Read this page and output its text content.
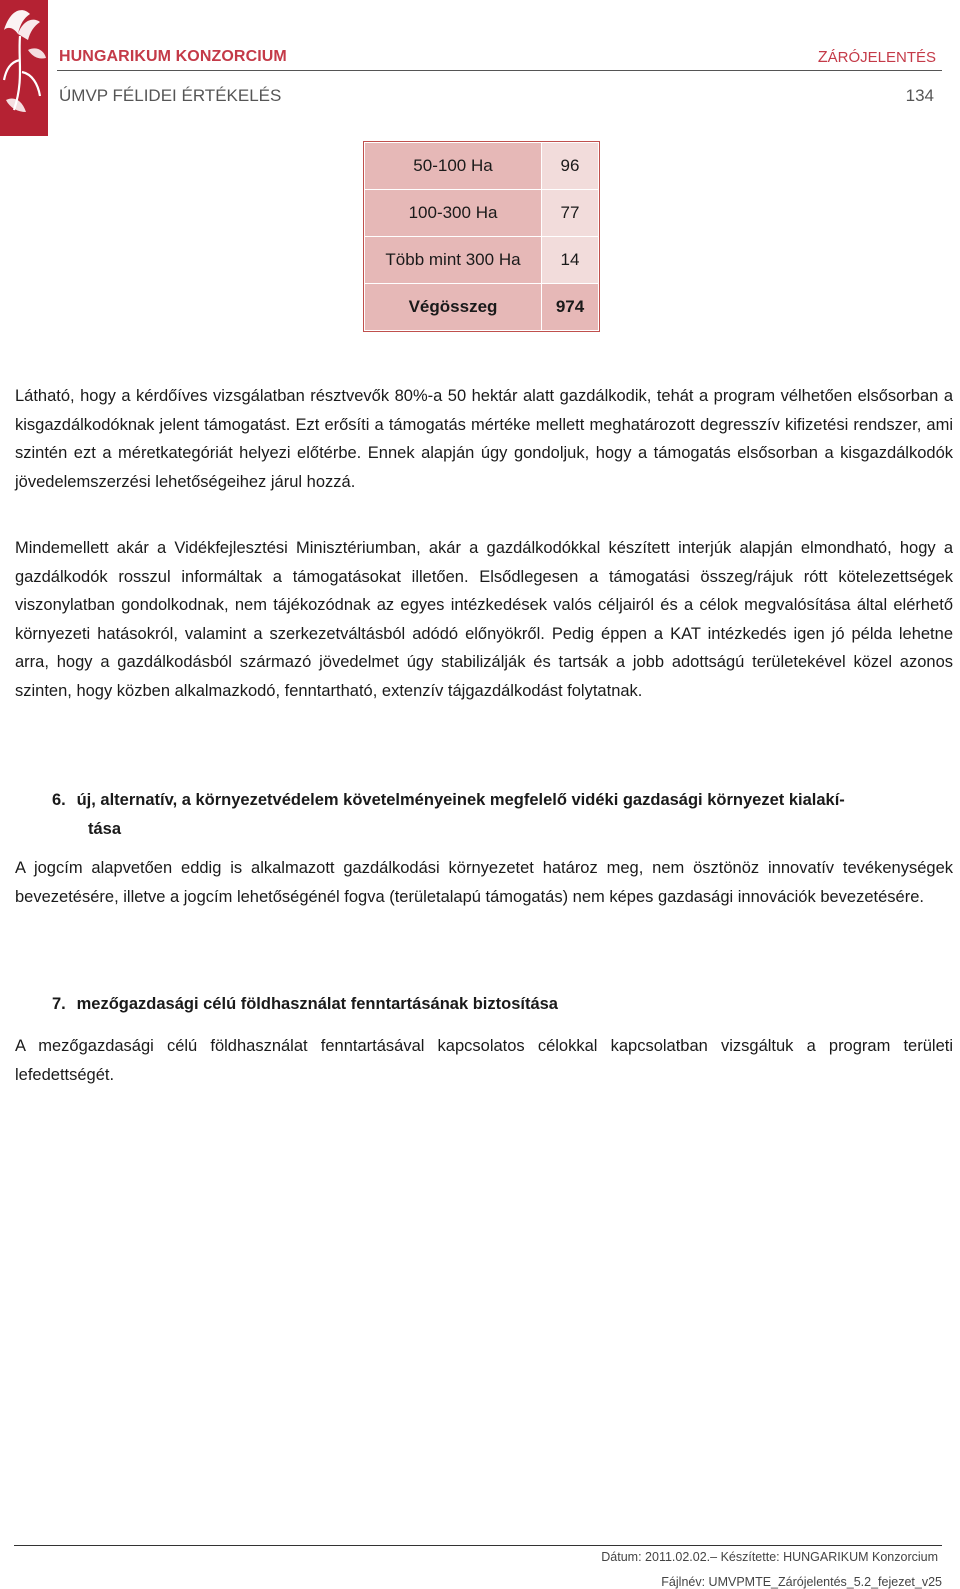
HUNGARIKUM KONZORCIUM	ZÁRÓJELENTÉS
ÚMVP FÉLIDEI ÉRTÉKELÉS	134
50-100 Ha	96
100-300 Ha	77
Több mint 300 Ha	14
Végösszeg	974

Látható, hogy a kérdőíves vizsgálatban résztvevők 80%-a 50 hektár alatt gazdálkodik, tehát a program vélhetően elsősorban a kisgazdálkodóknak jelent támogatást. Ezt erősíti a támogatás mértéke mellett meghatározott degresszív kifizetési rendszer, ami szintén ezt a méretkategóriát helyezi előtérbe. Ennek alapján úgy gondoljuk, hogy a támogatás elsősorban a kisgazdálkodók jövedelemszerzési lehetőségeihez járul hozzá.

Mindemellett akár a Vidékfejlesztési Minisztériumban, akár a gazdálkodókkal készített interjúk alapján elmondható, hogy a gazdálkodók rosszul informáltak a támogatásokat illetően. Elsődlegesen a támogatási összeg/rájuk rótt kötelezettségek viszonylatban gondolkodnak, nem tájékozódnak az egyes intézkedések valós céljairól és a célok megvalósítása által elérhető környezeti hatásokról, valamint a szerkezetváltásból adódó előnyökről. Pedig éppen a KAT intézkedés igen jó példa lehetne arra, hogy a gazdálkodásból származó jövedelmet úgy stabilizálják és tartsák a jobb adottságú területekével közel azonos szinten, hogy közben alkalmazkodó, fenntartható, extenzív tájgazdálkodást folytatnak.

6. új, alternatív, a környezetvédelem követelményeinek megfelelő vidéki gazdasági környezet kialakí-
tása

A jogcím alapvetően eddig is alkalmazott gazdálkodási környezetet határoz meg, nem ösztönöz innovatív tevékenységek bevezetésére, illetve a jogcím lehetőségénél fogva (területalapú támogatás) nem képes gazdasági innovációk bevezetésére.

7. mezőgazdasági célú földhasználat fenntartásának biztosítása

A mezőgazdasági célú földhasználat fenntartásával kapcsolatos célokkal kapcsolatban vizsgáltuk a program területi lefedettségét.

Dátum: 2011.02.02.– Készítette: HUNGARIKUM Konzorcium
Fájlnév: UMVPMTE_Zárójelentés_5.2_fejezet_v25
